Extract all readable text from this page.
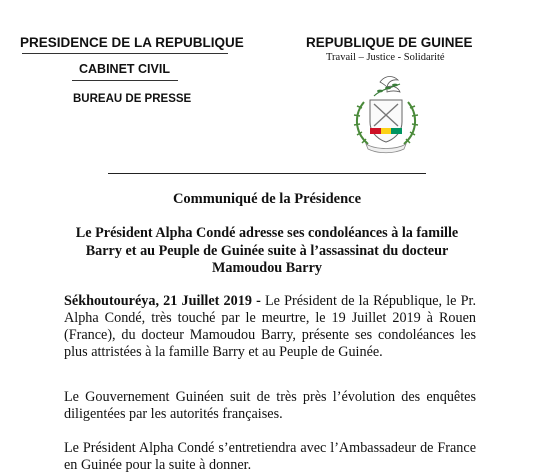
PRESIDENCE DE LA REPUBLIQUE
CABINET CIVIL
BUREAU DE PRESSE
REPUBLIQUE DE GUINEE
Travail – Justice - Solidarité
Communiqué de la Présidence
Le Président Alpha Condé adresse ses condoléances à la famille
Barry et au Peuple de Guinée suite à l’assassinat du docteur
Mamoudou Barry
Sékhoutouréya, 21 Juillet 2019 - Le Président de la République, le Pr. Alpha Condé, très touché par le meurtre, le 19 Juillet 2019 à Rouen (France), du docteur Mamoudou Barry, présente ses condoléances les plus attristées à la famille Barry et au Peuple de Guinée.
Le Gouvernement Guinéen suit de très près l’évolution des enquêtes diligentées par les autorités françaises.
Le Président Alpha Condé s’entretiendra avec l’Ambassadeur de France en Guinée pour la suite à donner.
